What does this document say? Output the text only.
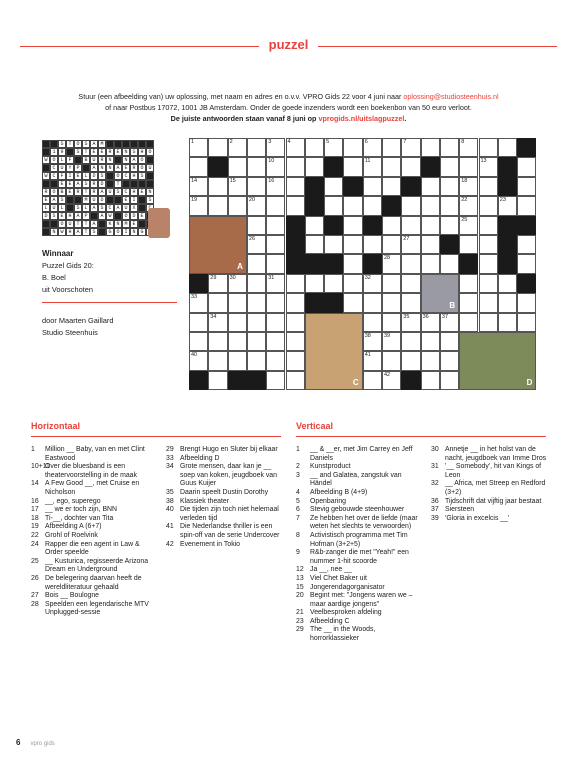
puzzel
Stuur (een afbeelding van) uw oplossing, met naam en adres en o.v.v. VPRO Gids 22 voor 4 juni naar oplossing@studiosteenhuis.nl
of naar Postbus 17072, 1001 JB Amsterdam. Onder de goede inzenders wordt een boekenbon van 50 euro verloot.
De juiste antwoorden staan vanaf 8 juni op vprogids.nl/uitslagpuzzel.
S T O S A M
1 9	S T E E R E N S H O
W O L F	B U R N	N A O
C U Y P	A N N A E R O U
W C F I E L D S	O C H S
E E A S R D	T
R O B E R T R A U S C H E N
E A S	M U D	E I	S
L U L	S L A S C A U X
D S E H A P	A W	O D E
O U T T A	K N M E
N W H A T S	G O I N G
Winnaar
Puzzel Gids 20:
B. Boel
uit Voorschoten
door Maarten Gaillard
Studio Steenhuis
1	2	3	4	5	6	7	8
10	11	13
14	15	16	18
19	20	22	23
25
26	27
28
29 30	31	32
33
34	35 36 37
38 39
40	41
42
A
B
C	D
Horizontaal	Verticaal
1	Million __ Baby, van en met Clint Eastwood
10+11
Over die bluesband is een theatervoorstelling in de maak
14 A Few Good __, met Cruise en Nicholson
16 __, ego, superego
17 __ we er toch zijn, BNN
18 Ti-__, dochter van Tita
19 Afbeelding A (6+7)
22 Grohl of Roelvink
24 Rapper die een agent in Law & Order speelde
25 __ Kusturica, regisseerde Arizona Dream en Underground
26 De belegering daarvan heeft de wereldliteratuur gehaald
27 Bois __ Boulogne
28 Speelden een legendarische MTV Unplugged-sessie
29 Brengt Hugo en Sluter bij elkaar
33 Afbeelding D
34 Grote mensen, daar kan je __ soep van koken, jeugdboek van Guus Kuijer
35 Daarin speelt Dustin Dorothy
38 Klassiek theater
40 Die tijden zijn toch niet helemaal verleden tijd
41 Die Nederlandse thriller is een spin-off van de serie Undercover
42 Evenement in Tokio
1	__ & __er, met Jim Carrey en Jeff Daniels
2	Kunstproduct
3	__ and Galatea, zangstuk van Händel
4	Afbeelding B (4+9)
5	Openbaring
6	Stevig gebouwde steenhouwer
7	Ze hebben het over de liefde (maar weten het slechts te verwoorden)
8	Activistisch programma met Tim Hofman (3+2+5)
9	R&b-zanger die met "Yeah!" een nummer 1-hit scoorde
12 Ja __, nee __
13 Viel Chet Baker uit
15 Jongerendagorganisator
20 Begint met: "Jongens waren we – maar aardige jongens"
21 Veelbesproken afdeling
23 Afbeelding C
29 The __ in the Woods, horrorklassieker
30 Annetje __ in het holst van de nacht, jeugdboek van Imme Dros
31 '__ Somebody', hit van Kings of Leon
32 __ Africa, met Streep en Redford (3+2)
36 Tijdschrift dat vijftig jaar bestaat
37 Siersteen
39 'Gloria in excelcis __'
6 vpro gids
